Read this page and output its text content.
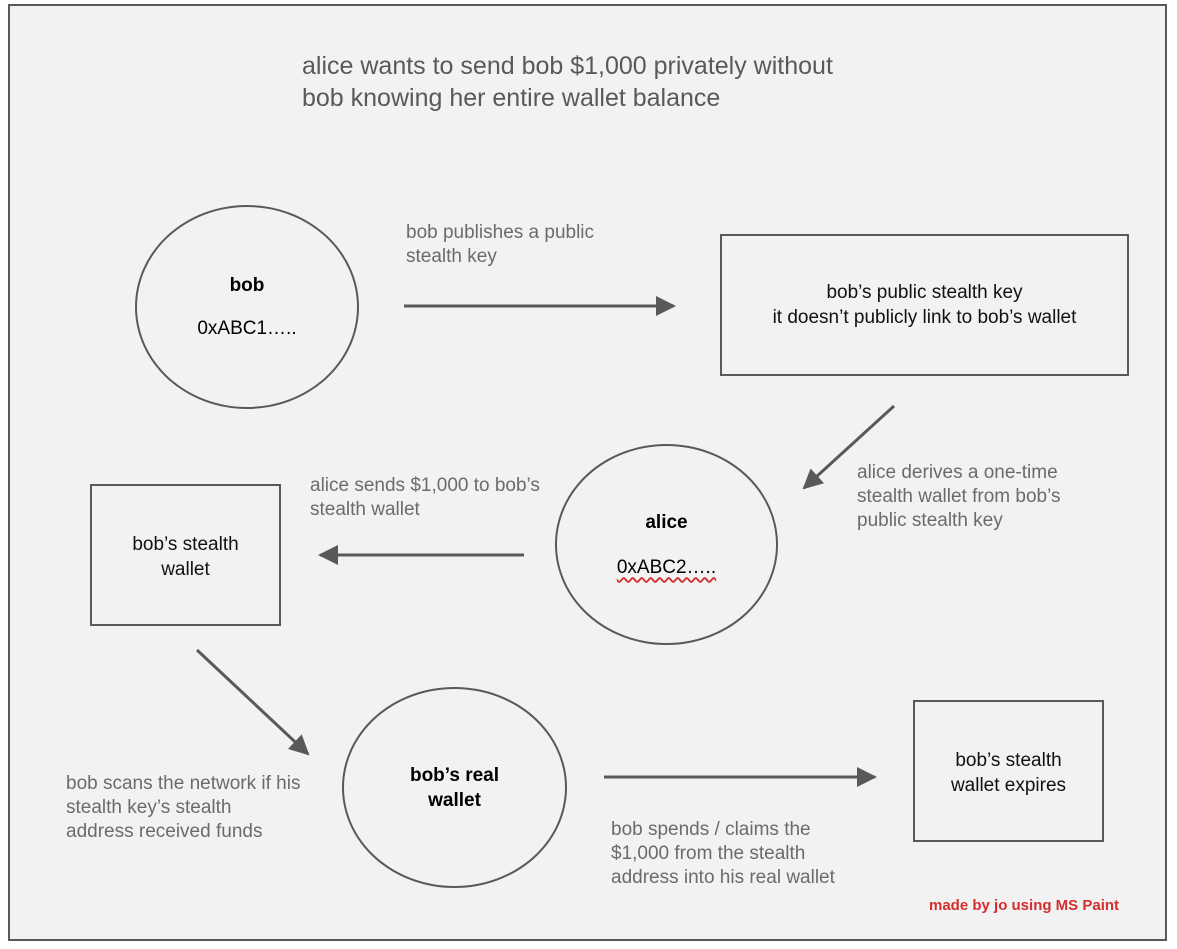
alice wants to send bob $1,000 privately without
bob knowing her entire wallet balance
bob
0xABC1…..
bob’s public stealth key
it doesn’t publicly link to bob’s wallet
alice
0xABC2…..
bob’s stealth
wallet
bob’s real
wallet
bob’s stealth
wallet expires
bob publishes a public
stealth key
alice derives a one-time
stealth wallet from bob’s
public stealth key
alice sends $1,000 to bob’s
stealth wallet
bob scans the network if his
stealth key’s stealth
address received funds	bob spends / claims the
$1,000 from the stealth
address into his real wallet
made by jo using MS Paint
